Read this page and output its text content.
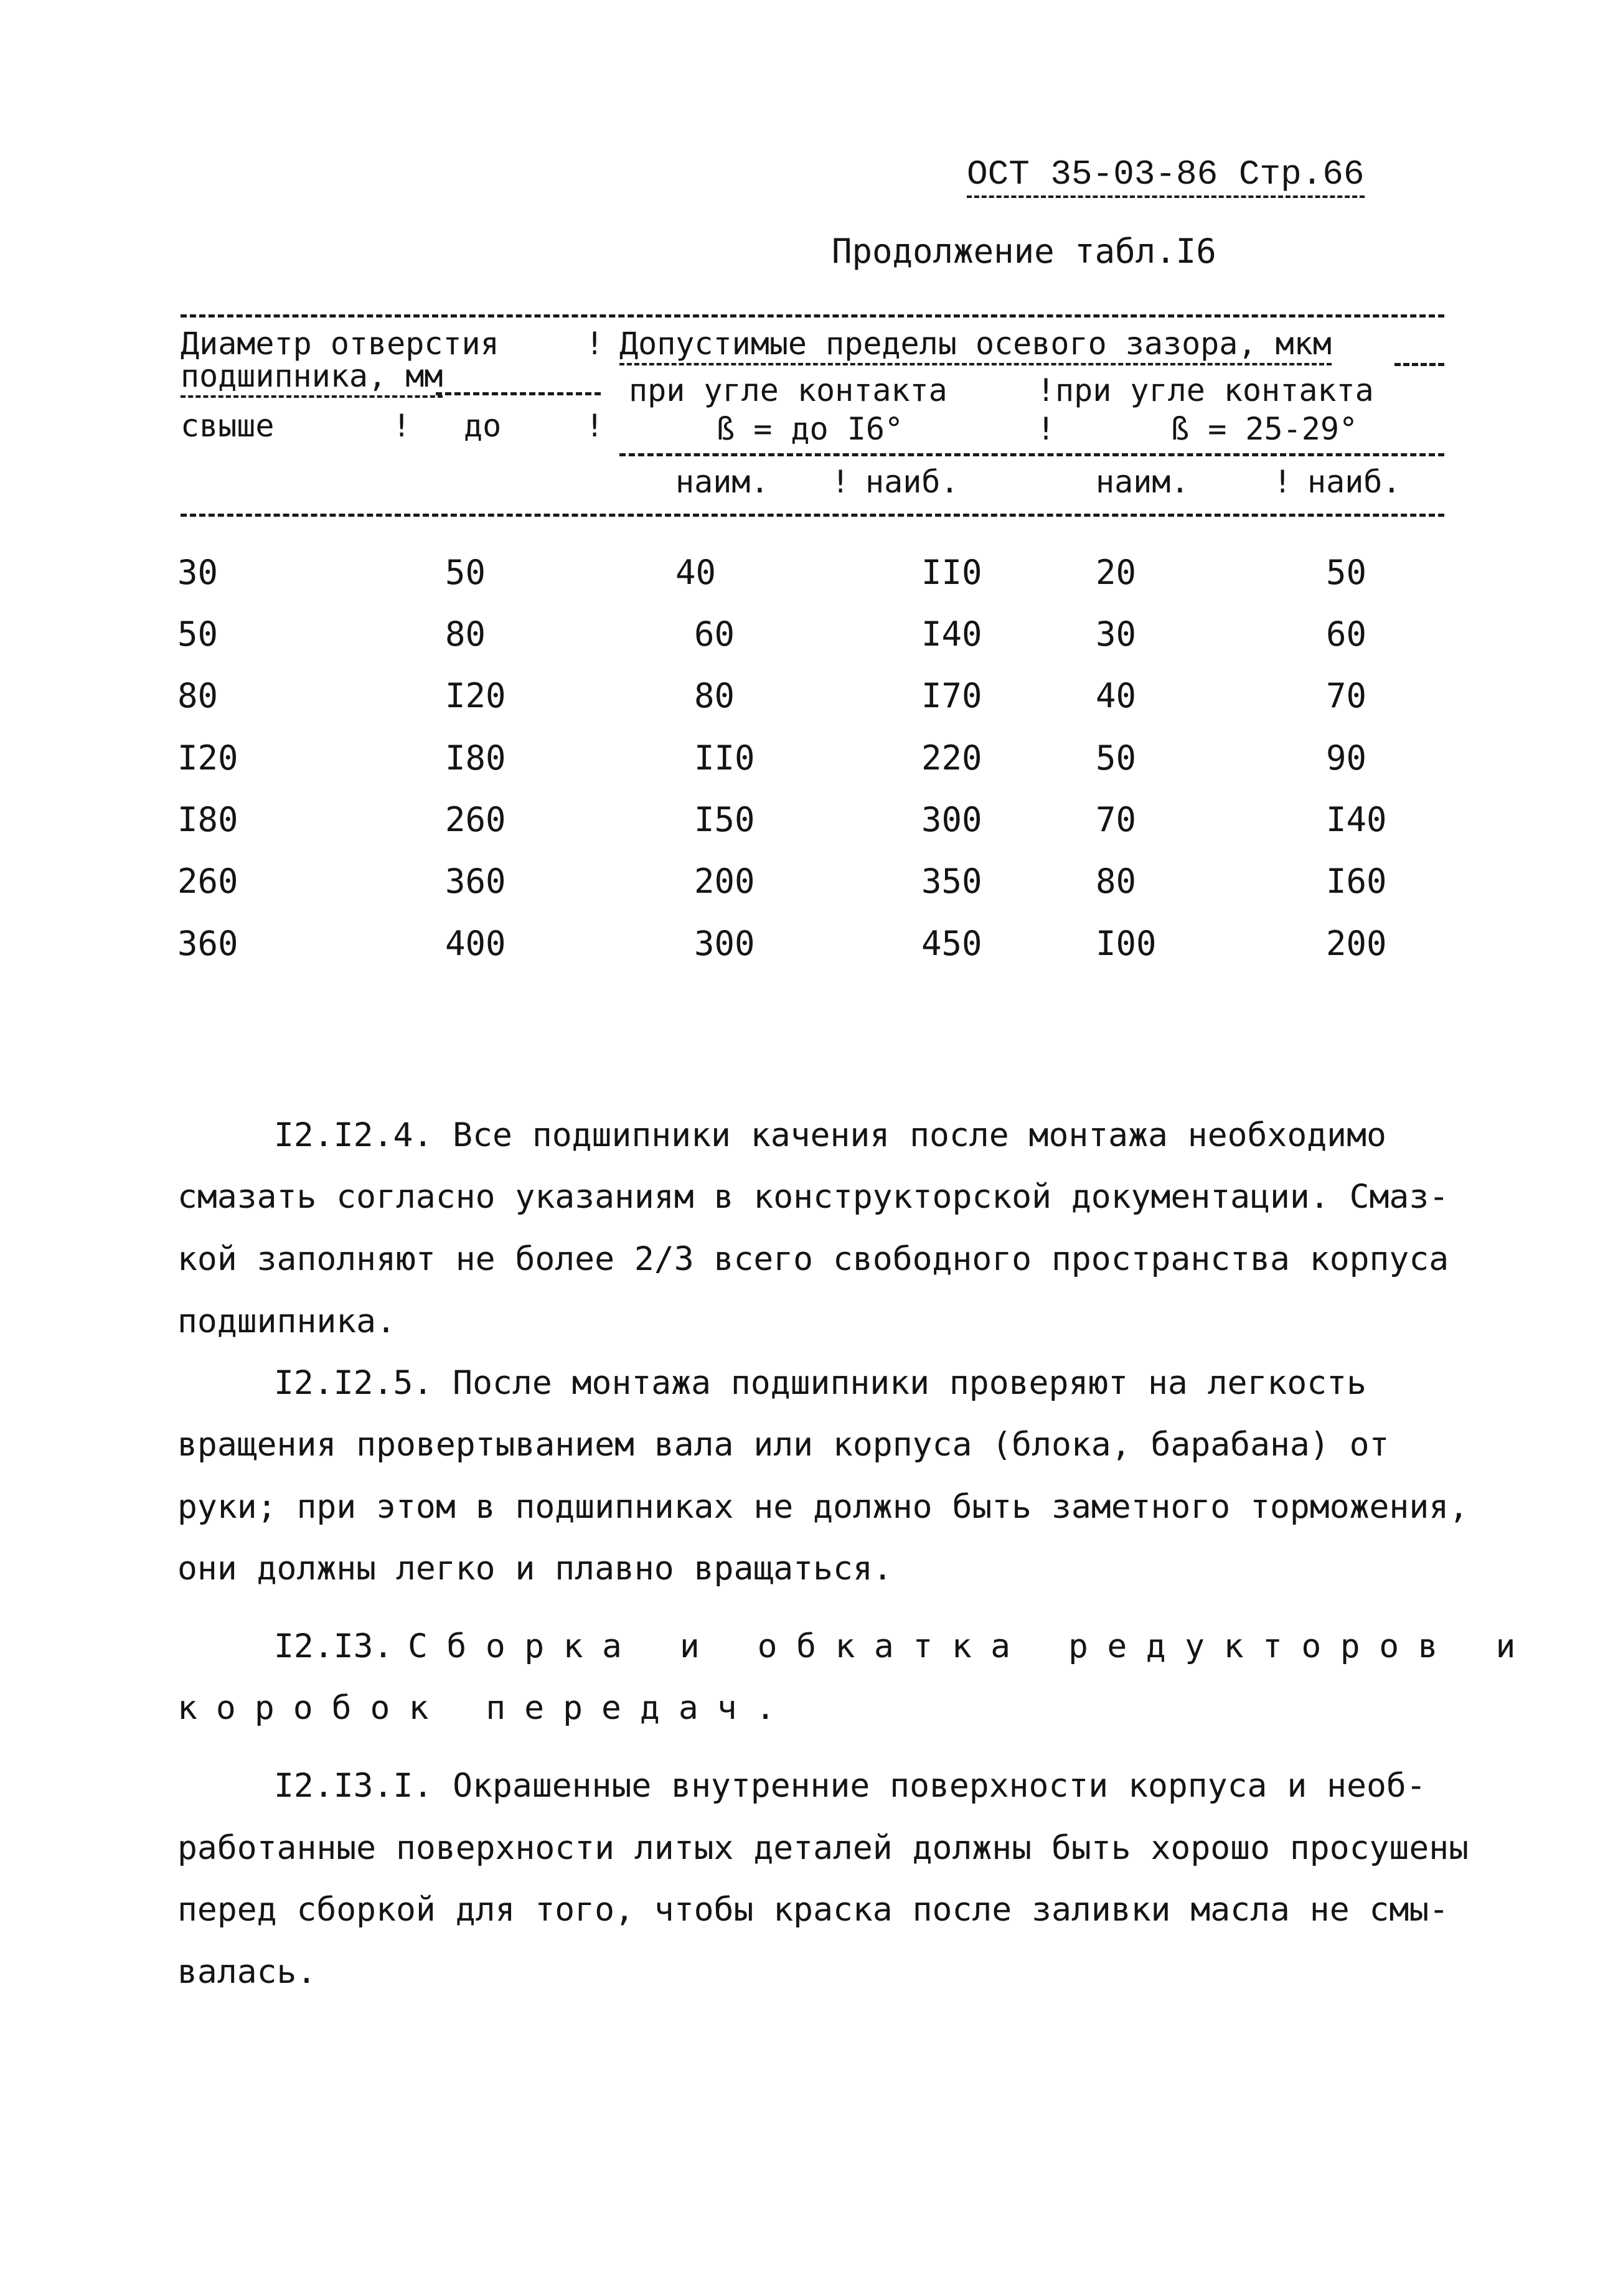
ОСТ 35-03-86 Стр.66
Продолжение табл.I6
Диаметр отверстия
подшипника, мм
! Допустимые пределы осевого зазора, мкм
при угле контакта	! при угле контакта
свыше	! до	!	ß = до I6°	!	ß = 25-29°
наим. ! наиб.	наим.	! наиб.
30	50	40	II0	20	50
50	80	60	I40	30	60
80	I20	80	I70	40	70
I20	I80	II0	220	50	90
I80	260	I50	300	70	I40
260	360	200	350	80	I60
360	400	300	450	I00	200
I2.I2.4. Все подшипники качения после монтажа необходимо
смазать согласно указаниям в конструкторской документации. Смаз-
кой заполняют не более 2/3 всего свободного пространства корпуса
подшипника.
I2.I2.5. После монтажа подшипники проверяют на легкость
вращения провертыванием вала или корпуса (блока, барабана) от
руки; при этом в подшипниках не должно быть заметного торможения,
они должны легко и плавно вращаться.
I2.I3. Сборка и обкатка редукторов и
коробок передач.
I2.I3.I. Окрашенные внутренние поверхности корпуса и необ-
работанные поверхности литых деталей должны быть хорошо просушены
перед сборкой для того, чтобы краска после заливки масла не смы-
валась.
